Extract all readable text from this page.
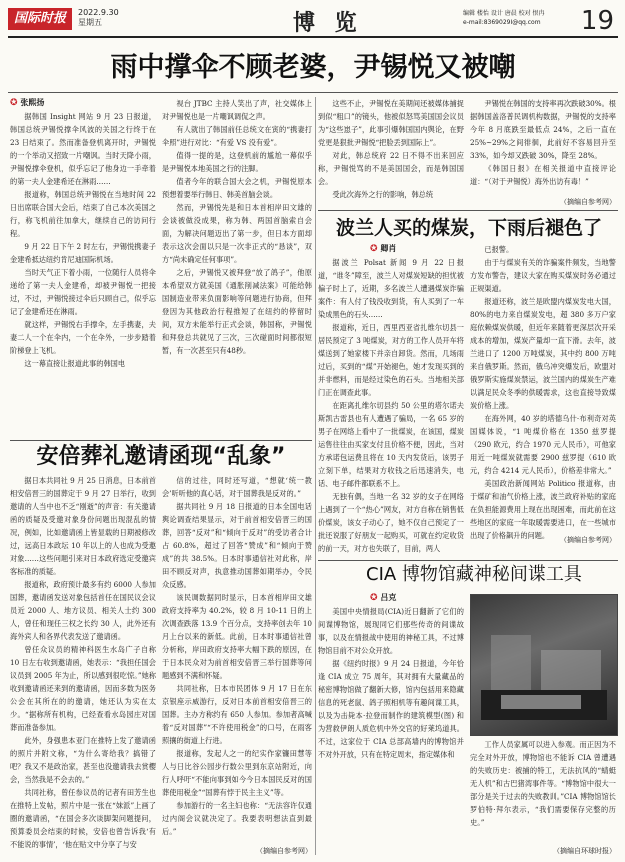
国际时报	2022.9.30
星期五	博 览	编辑 楼怡 设计 唐晨 校对 恨冉
e-mail:8369029I@qq.com	19
雨中撑伞不顾老婆，尹锡悦又被嘲
✪ 张熙扬

据韩国 Insight 网站 9 月 23 日报道，韩国总统尹锡悦撑伞风波的关国之行终于在 23 日结束了。然而准备登机离开时，尹锡悦的一个举动又招致一片嘲讽。当时天降小雨，尹锡悦撑伞登机，似乎忘记了他身边一手牵着的第一夫人金建希还在淋雨……

报道称，韩国总统尹锡悦在当地时间 22 日出席联合国大会后，结束了自己本次美国之行，称飞机前往加拿大，继续自己的访问行程。

9 月 22 日下午 2 时左右，尹锡悦携妻子金建希抵达纽约肯尼迪国际机场。

当时天气正下着小雨，一位随行人员将伞递给了第一夫人金建希，却被尹锡悦一把接过，不过，尹锡悦接过伞后只顾自己，似乎忘记了金建希还在淋雨。

就这样，尹锡悦右手撑伞，左手携妻，夫妻二人一个在伞内，一个在伞外，一步步踏着阶梯登上飞机。

这一幕直接让报道此事的韩国电

视台 JTBC 主持人笑出了声，社交媒体上对尹锡悦也是一片嘲讽调侃之声。

有人就出了韩国前任总统文在寅的“携妻打伞照”进行对比：“有爱 VS 没有爱”。

值得一提的是，这登机前的尴尬一幕似乎是尹锡悦本地美国之行的注脚。

值者今年的联合国大会之机，尹锡悦原本预想着要举行韩日、韩美首脑会谈。

然而，尹锡悦先是和日本首相岸田文雄的会谈被做没成果，称为韩、两国首脑索自会面，为解决问题迈出了第一步，但日本方面却表示这次会面以只是一次非正式的“恳谈”，双方“尚未确定任何事项”。

之后，尹锡悦又被拜登“放了鸽子”，他原本希望双方就美国《通胀削减法案》可能给韩国制造业带来负面影响等问题进行协商，但拜登因为其他政治行程推短了在纽约的停留时间，双方未能举行正式会谈，韩国称，尹锡悦和拜登总共就见了三次，三次碰面时间都很短暂，有一次甚至只有48秒。

这些不止，尹锡悦在美期间还被媒体捕捉到似“粗口”的镜头，他被似怒骂美国国会议员为“这些崽子”，此事引爆韩国国内舆论，在野党更是狠批尹锡悦“把脸丢到国际上”。

对此，韩总统府 22 日不得不出来回应称，尹锡悦骂的不是美国国会，而是韩国国会。

受此次海外之行的影响，韩总统

尹锡悦在韩国的支持率再次跌破30%。根据韩国盖洛普民调机构数据，尹锡悦的支持率今年 8 月底跌至最低点 24%，之后一直在 25%~29%之间徘徊，此前好不容易回升至 33%，如今却又跌破 30%，降至 28%。

《韩国日报》在相关报道中直接评论道：“（对于尹锡悦）海外出访有毒！”

（摘编自参考网）
波兰人买的煤炭，下雨后褪色了
✪ 卿肖

据波兰 Polsat 新闻 9 月 22 日报道，“谁冬”障至，波兰人对煤炭短缺的担忧被偏子时上了，近期，多名波兰人遭遇煤炭诈骗案件：有人付了钱没收到货，有人买到了一车染成黑色的石头……

报道称，近日，西里西亚省扎维尔切县一居民预定了 3 吨煤炭，对方的工作人员开车将煤送到了她家楼下并亲自卸货。然而，几场雨过后，买到的“煤”开始褪色，她才发现买到的并非燃料，而是经过染色的石头。当地相关部门正在调查此事。

在距离扎维尔切县约 50 公里的塔尔诺夫斯凯古雷县也有人遭遇了骗局，一名 65 岁的男子在网络上看中了一批煤炭，在该国，煤炭运售往往由买家支付且价格不便，因此，当对方承诺包运费且将在 10 天内发货后，该男子立刻下单，结果对方收钱之后迅速消失，电话、电子邮件都联系不上。

无独有偶，当地一名 32 岁的女子在网络上遇到了一个“热心”网友，对方自称在销售低价煤炭，该女子动心了，她不仅自己预定了一批还说服了好朋友一起购买，可就在约定收货的前一天，对方也失联了，目前，两人

已报警。

由于与煤炭有关的诈骗案件频发，当地警方发布警告，建议大家在购买煤炭时务必通过正规渠道。

报道还称，波兰是欧盟内煤炭发电大国，80%的电力来自煤炭发电，超 380 多万户家庭依赖煤炭供暖，但近年来随着更深层次开采成本的增加，煤炭产量却一直下滑。去年，波兰进口了 1200 万吨煤炭，其中约 800 万吨来自俄罗斯。然而，俄乌冲突爆发后，欧盟对俄罗斯实施煤炭禁运，波兰国内的煤炭生产难以满足民众冬季的供暖需求，这也直接导致煤炭价格上涨。

在海外网，40 岁的塔德乌什·布利奇对英国媒体说，“1 吨煤价格在 1350 兹罗提（290 欧元，约合 1970 元人民币），可他家用近一吨煤炭就需要 2900 兹罗提（610 欧元，约合 4214 元人民币），价格差非常大。”

美国政治新闻网站 Politico 报道称，由于煤矿和油气价格上涨，波兰政府补贴的家庭在负担能源费用上现在出现困难，而此前在这些地区的家庭一年取暖需要进口，在一些城市出现了价格飙升的问题。	（摘编自参考网）
安倍葬礼邀请函现“乱象”

据日本共同社 9 月 25 日消息，日本前首相安倍晋三的国葬定于 9 月 27 日举行，收到邀请的人当中也不乏“刚逝”的声音：有关邀请函的质疑及受邀对象身份问题出现混乱的情况，例如，比如邀请函上皆显载的日期被修改过，远高日本政坛 10 年以上的人也成为受邀对象……这些问题引来对日本政府选定受邀宾客标准的质疑。

报道称，政府预计最多有约 6000 人参加国葬，邀请函发送对象包括首任在国民议会议员近 2000 人、地方议员、相关人士约 300 人，曾任和现任三权之长约 30 人，此外还有海外宾人和各界代表发送了邀请函。

曾任众议员的精神科医生水岛广子自称 10 日左右收到邀请函，她表示：“我担任国会议员到 2005 年为止，所以感到很吃惊。”她称收到邀请函还来到的邀请函，因而多数为医务公会在其所在的的邀请，她还认为实在太少。“据称所有机构，已经查看水岛园庄对国葬而准备参加。

此外，身强患本亚门在推特上发了邀请函的照片并附文称，“为什么寄给我？搞错了吧？我又不是政治家，甚至也没邀请我去赏樱会，当然我是不会去的。”

共同社称，曾任参议员的记者有田芳生也在推特上发帖，照片中是一张在“妹派”上画了圈的邀请函，“在国会多次谈脚架问题提问，预算委员会结束的时候，安倍也曾告诉我‘有不能说的事情’，‘他在贴文中分享了与安

信的过往，同时还写道，“想就‘统一教会’听听他的真心话，对于国葬我是反对的。”

据共同社 9 月 18 日报道的日本全国电话舆论调查结果显示，对于前首相安倍晋三的国葬，回答“反对”和“倾向于反对”的受访者合计占 60.8%，超过了回答“赞成”和“倾向于赞成”的共 38.5%。日本时事通信社对此称，岸田不顾反对声，执意推动国葬如期举办，令民众反感。

该民调数据同时显示，日本首相岸田文雄政府支持率为 40.2%，较 8 月 10-11 日的上次调查跌落 13.9 个百分点，支持率创去年 10 月上台以来的新低。此前，日本时事通信社曾分析称，岸田政府支持率大幅下跌的原因，在于日本民众对为前首相安倍晋三举行国葬等问题感到不满和怀疑。

共同社称，日本市民团体 9 月 17 日在东京银座示威游行，反对日本前首相安倍晋三的国葬。主办方称约有 650 人参加。参加者高喊着“反对国葬”“不许使用税金”的口号，在雨客照攘的街道上行进。

报道称，发起人之一的纪实作家镰田慧等人与日比谷公园步行数公里到东京站附近，向行人呼吁“不能向事到如今今日本国民反对的国葬使用税金”“国葬有悖于民主主义”等。

参加游行的一名主妇也称：“无法容许仅通过内阁会议就决定了。我要表明想法直到最后。”

（摘编自参考网）
CIA 博物馆藏神秘间谍工具
✪ 吕克

美国中央情报局(CIA)近日翻新了它们的间谍博物馆，展现同它们那些传奇的间谍故事，以及在情报战中使用的神秘工具，不过博物馆目前不对公众开放。

据《纽约时报》9 月 24 日报道，今年恰逢 CIA 成立 75 周年，其对拥有大量藏品的秘密博物馆做了翻新大修，馆内包括用来隐藏信息的死老鼠、鸽子照相机等有趣间谍工具，以及为击毙本·拉登而制作的建筑模型(图) 和为营救伊朗人质危机中外交官的好莱坞道具。不过，这家位于 CIA 总部高墙内的博物馆并不对外开放，只有在特定周末，指定媒体和

工作人员家属可以进入参观。而正因为不完全对外开放，博物馆也不能诉 CIA 曾遭遇的失败历史：被捕的特工，无法抗风的“蜻蜓无人机”和古巴猪湾事件等。“博物馆中很大一部分是关于过去的失败教训。”CIA 博物馆馆长罗伯特·拜尔表示，“我们需要保存完整的历史。”

（摘编自环球时报）
